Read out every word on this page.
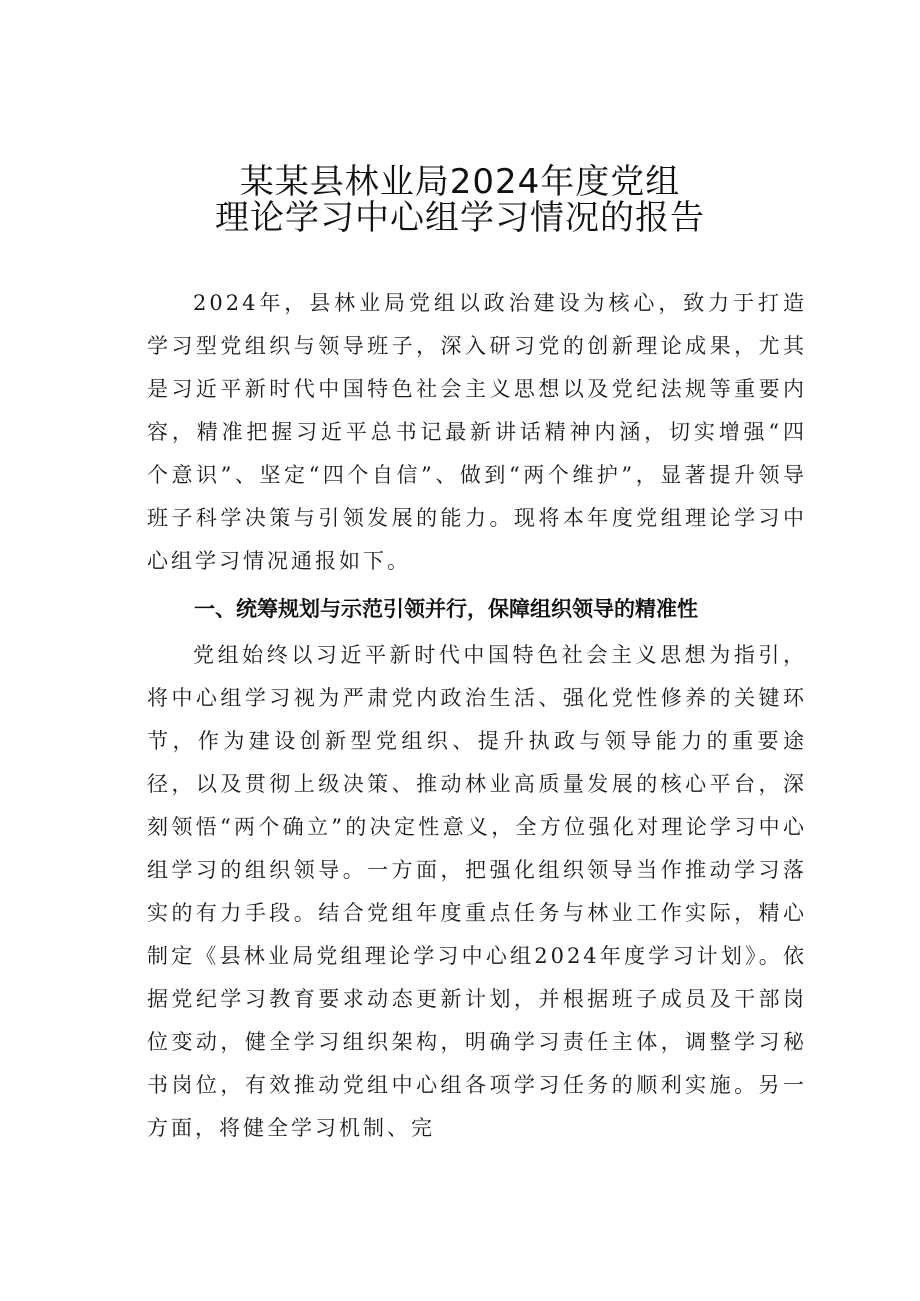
某某县林业局2024年度党组
理论学习中心组学习情况的报告

2024年，县林业局党组以政治建设为核心，致力于打造学习型党组织与领导班子，深入研习党的创新理论成果，尤其是习近平新时代中国特色社会主义思想以及党纪法规等重要内容，精准把握习近平总书记最新讲话精神内涵，切实增强“四个意识”、坚定“四个自信”、做到“两个维护”，显著提升领导班子科学决策与引领发展的能力。现将本年度党组理论学习中心组学习情况通报如下。

一、统筹规划与示范引领并行，保障组织领导的精准性

党组始终以习近平新时代中国特色社会主义思想为指引，将中心组学习视为严肃党内政治生活、强化党性修养的关键环节，作为建设创新型党组织、提升执政与领导能力的重要途径，以及贯彻上级决策、推动林业高质量发展的核心平台，深刻领悟“两个确立”的决定性意义，全方位强化对理论学习中心组学习的组织领导。一方面，把强化组织领导当作推动学习落实的有力手段。结合党组年度重点任务与林业工作实际，精心制定《县林业局党组理论学习中心组2024年度学习计划》。依据党纪学习教育要求动态更新计划，并根据班子成员及干部岗位变动，健全学习组织架构，明确学习责任主体，调整学习秘书岗位，有效推动党组中心组各项学习任务的顺利实施。另一方面，将健全学习机制、完
